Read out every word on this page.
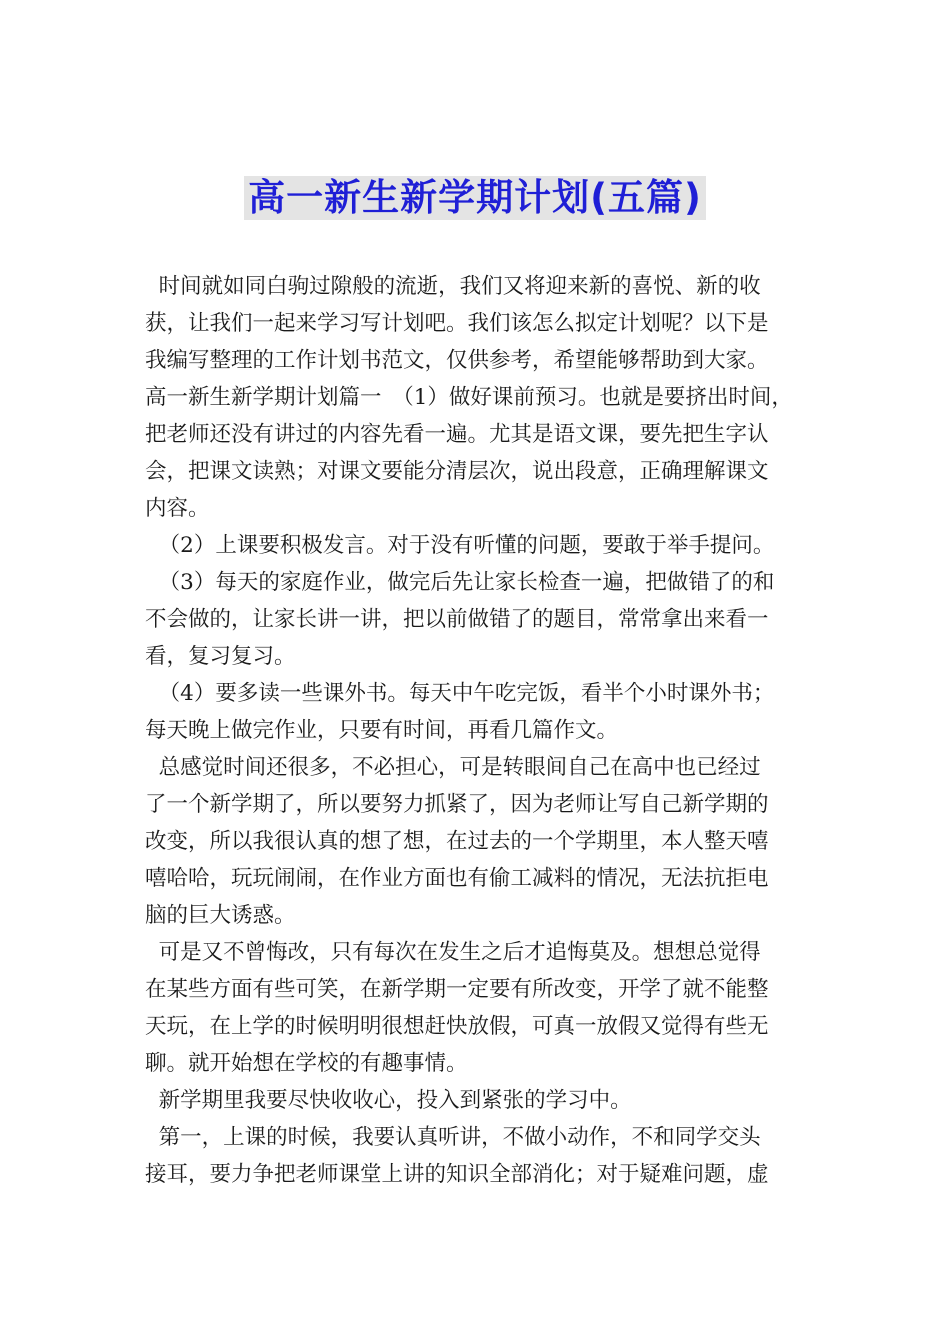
高一新生新学期计划(五篇)
时间就如同白驹过隙般的流逝，我们又将迎来新的喜悦、新的收
获，让我们一起来学习写计划吧。我们该怎么拟定计划呢？以下是
我编写整理的工作计划书范文，仅供参考，希望能够帮助到大家。
高一新生新学期计划篇一　（1）做好课前预习。也就是要挤出时间，
把老师还没有讲过的内容先看一遍。尤其是语文课，要先把生字认
会，把课文读熟；对课文要能分清层次，说出段意，正确理解课文
内容。
（2）上课要积极发言。对于没有听懂的问题，要敢于举手提问。
（3）每天的家庭作业，做完后先让家长检查一遍，把做错了的和
不会做的，让家长讲一讲，把以前做错了的题目，常常拿出来看一
看，复习复习。
（4）要多读一些课外书。每天中午吃完饭，看半个小时课外书；
每天晚上做完作业，只要有时间，再看几篇作文。
总感觉时间还很多，不必担心，可是转眼间自己在高中也已经过
了一个新学期了，所以要努力抓紧了，因为老师让写自己新学期的
改变，所以我很认真的想了想，在过去的一个学期里，本人整天嘻
嘻哈哈，玩玩闹闹，在作业方面也有偷工减料的情况，无法抗拒电
脑的巨大诱惑。
可是又不曾悔改，只有每次在发生之后才追悔莫及。想想总觉得
在某些方面有些可笑，在新学期一定要有所改变，开学了就不能整
天玩，在上学的时候明明很想赶快放假，可真一放假又觉得有些无
聊。就开始想在学校的有趣事情。
新学期里我要尽快收收心，投入到紧张的学习中。
第一，上课的时候，我要认真听讲，不做小动作，不和同学交头
接耳，要力争把老师课堂上讲的知识全部消化；对于疑难问题，虚
